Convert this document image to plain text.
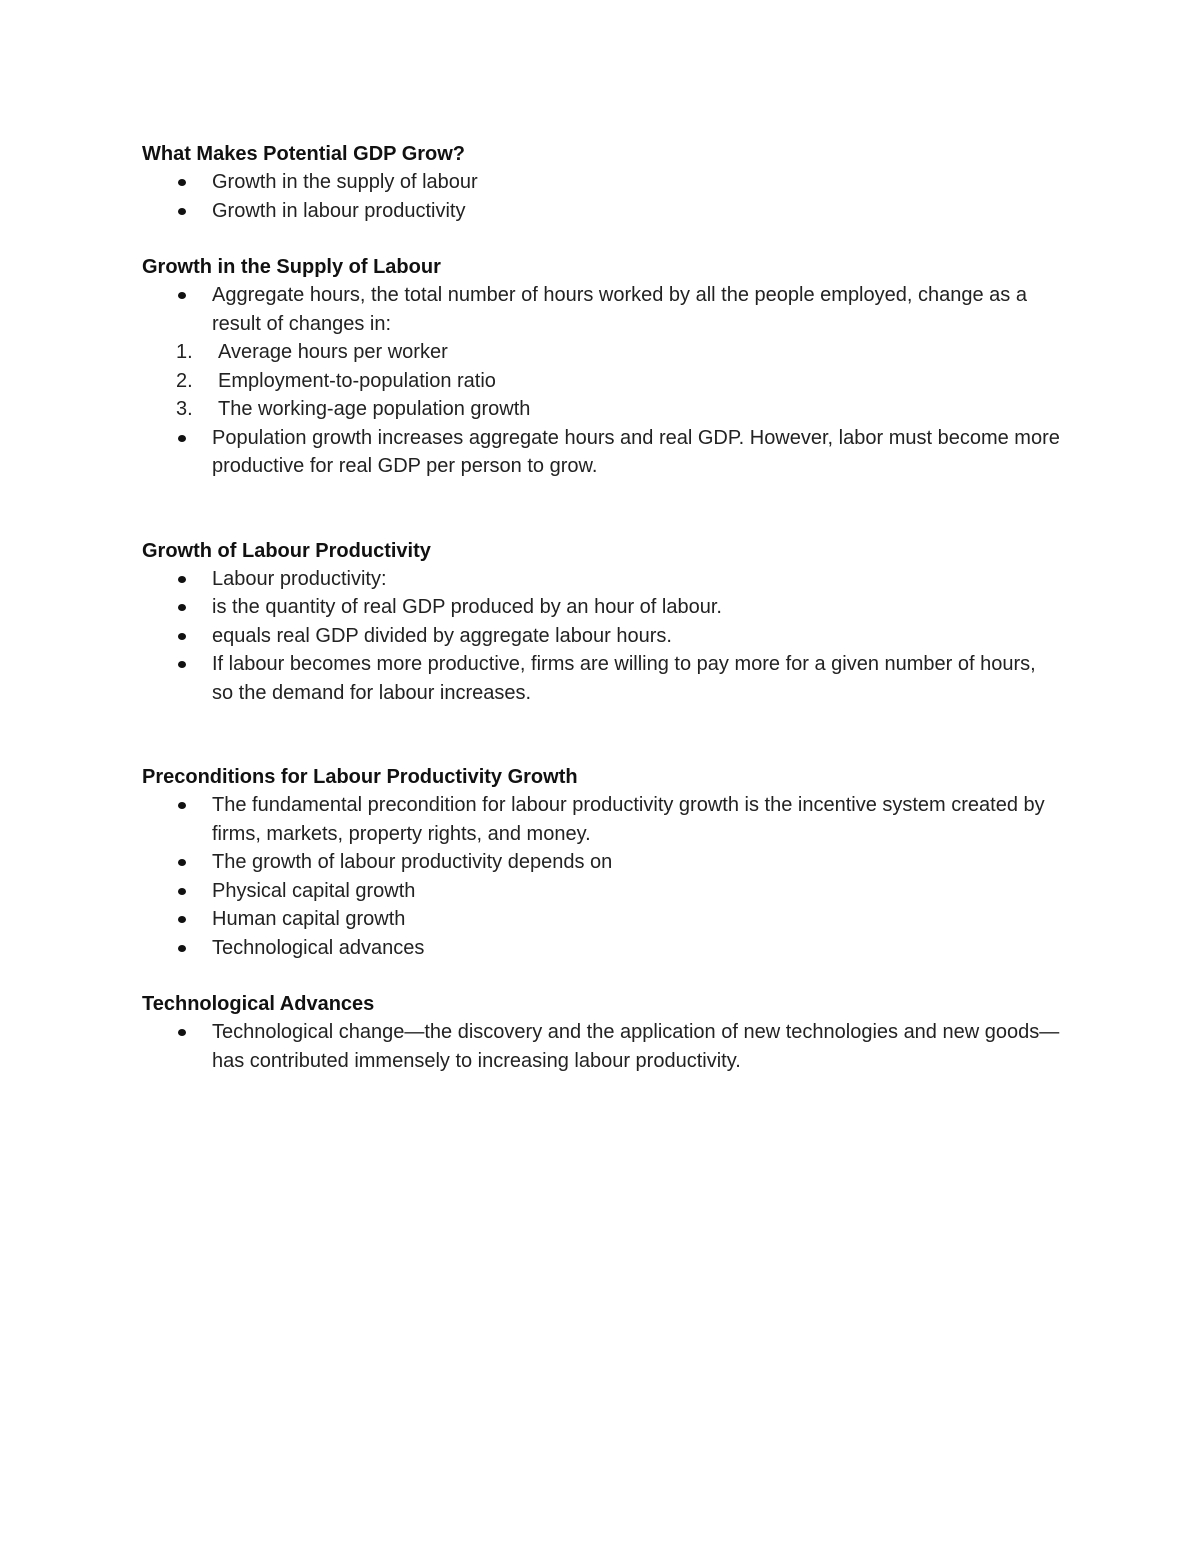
What Makes Potential GDP Grow?

Growth in the supply of labour
Growth in labour productivity

Growth in the Supply of Labour

Aggregate hours, the total number of hours worked by all the people employed, change as a result of changes in:
1. Average hours per worker
2. Employment-to-population ratio
3. The working-age population growth
Population growth increases aggregate hours and real GDP. However, labor must become more productive for real GDP per person to grow.

Growth of Labour Productivity

Labour productivity:
is the quantity of real GDP produced by an hour of labour.
equals real GDP divided by aggregate labour hours.
If labour becomes more productive, firms are willing to pay more for a given number of hours, so the demand for labour increases.

Preconditions for Labour Productivity Growth

The fundamental precondition for labour productivity growth is the incentive system created by firms, markets, property rights, and money.
The growth of labour productivity depends on
Physical capital growth
Human capital growth
Technological advances

Technological Advances

Technological change—the discovery and the application of new technologies and new goods—has contributed immensely to increasing labour productivity.
